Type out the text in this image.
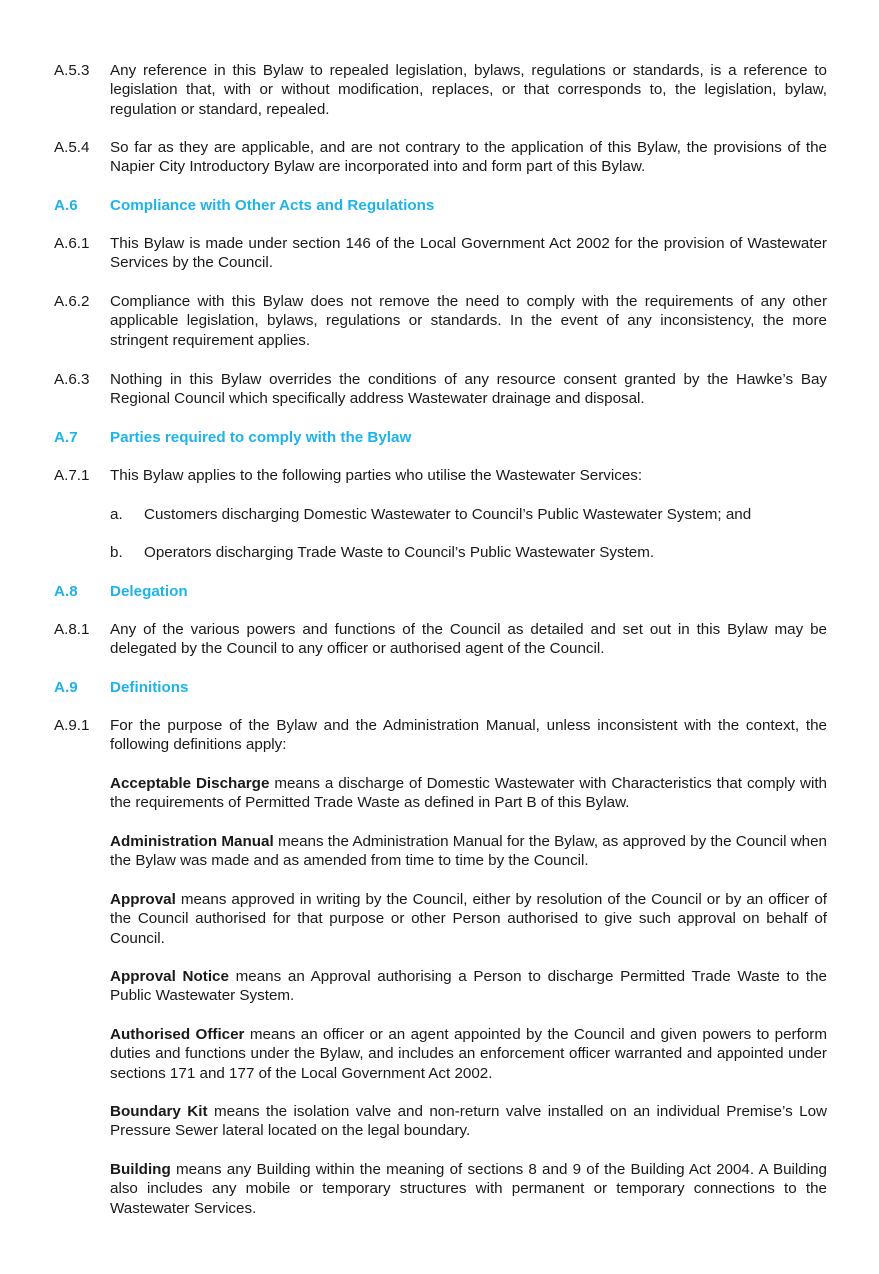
A.5.3	Any reference in this Bylaw to repealed legislation, bylaws, regulations or standards, is a reference to legislation that, with or without modification, replaces, or that corresponds to, the legislation, bylaw, regulation or standard, repealed.
A.5.4	So far as they are applicable, and are not contrary to the application of this Bylaw, the provisions of the Napier City Introductory Bylaw are incorporated into and form part of this Bylaw.
A.6	Compliance with Other Acts and Regulations
A.6.1	This Bylaw is made under section 146 of the Local Government Act 2002 for the provision of Wastewater Services by the Council.
A.6.2	Compliance with this Bylaw does not remove the need to comply with the requirements of any other applicable legislation, bylaws, regulations or standards. In the event of any inconsistency, the more stringent requirement applies.
A.6.3	Nothing in this Bylaw overrides the conditions of any resource consent granted by the Hawke’s Bay Regional Council which specifically address Wastewater drainage and disposal.
A.7	Parties required to comply with the Bylaw
A.7.1	This Bylaw applies to the following parties who utilise the Wastewater Services:
a.	Customers discharging Domestic Wastewater to Council’s Public Wastewater System; and
b.	Operators discharging Trade Waste to Council’s Public Wastewater System.
A.8	Delegation
A.8.1	Any of the various powers and functions of the Council as detailed and set out in this Bylaw may be delegated by the Council to any officer or authorised agent of the Council.
A.9	Definitions
A.9.1	For the purpose of the Bylaw and the Administration Manual, unless inconsistent with the context, the following definitions apply:
Acceptable Discharge means a discharge of Domestic Wastewater with Characteristics that comply with the requirements of Permitted Trade Waste as defined in Part B of this Bylaw.
Administration Manual means the Administration Manual for the Bylaw, as approved by the Council when the Bylaw was made and as amended from time to time by the Council.
Approval means approved in writing by the Council, either by resolution of the Council or by an officer of the Council authorised for that purpose or other Person authorised to give such approval on behalf of Council.
Approval Notice means an Approval authorising a Person to discharge Permitted Trade Waste to the Public Wastewater System.
Authorised Officer means an officer or an agent appointed by the Council and given powers to perform duties and functions under the Bylaw, and includes an enforcement officer warranted and appointed under sections 171 and 177 of the Local Government Act 2002.
Boundary Kit means the isolation valve and non-return valve installed on an individual Premise’s Low Pressure Sewer lateral located on the legal boundary.
Building means any Building within the meaning of sections 8 and 9 of the Building Act 2004. A Building also includes any mobile or temporary structures with permanent or temporary connections to the Wastewater Services.
